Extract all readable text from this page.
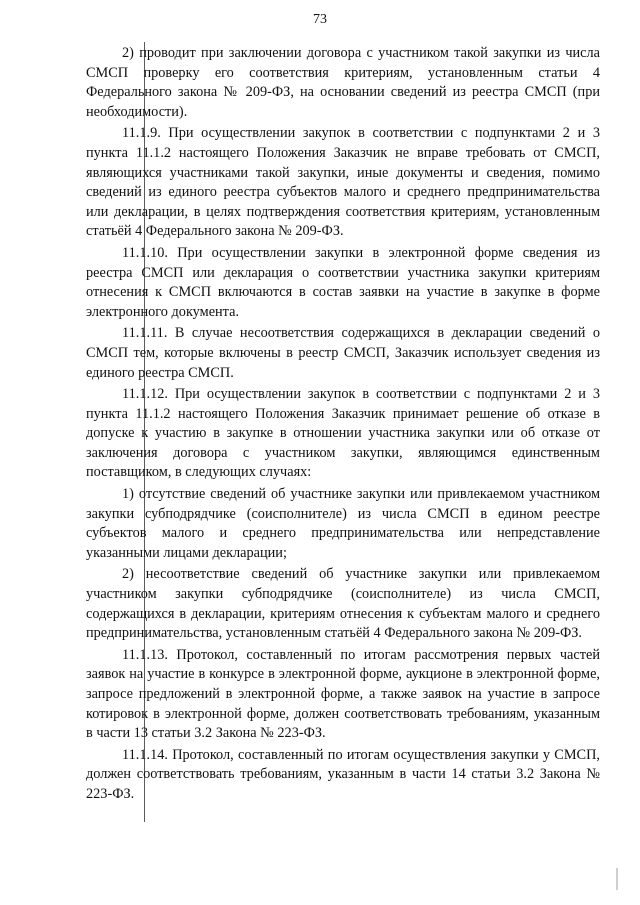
73

2) проводит при заключении договора с участником такой закупки из числа СМСП проверку его соответствия критериям, установленным статьи 4 Федерального закона № 209-ФЗ, на основании сведений из реестра СМСП (при необходимости).

11.1.9. При осуществлении закупок в соответствии с подпунктами 2 и 3 пункта 11.1.2 настоящего Положения Заказчик не вправе требовать от СМСП, являющихся участниками такой закупки, иные документы и сведения, помимо сведений из единого реестра субъектов малого и среднего предпринимательства или декларации, в целях подтверждения соответствия критериям, установленным статьёй 4 Федерального закона № 209-ФЗ.

11.1.10. При осуществлении закупки в электронной форме сведения из реестра СМСП или декларация о соответствии участника закупки критериям отнесения к СМСП включаются в состав заявки на участие в закупке в форме электронного документа.

11.1.11. В случае несоответствия содержащихся в декларации сведений о СМСП тем, которые включены в реестр СМСП, Заказчик использует сведения из единого реестра СМСП.

11.1.12. При осуществлении закупок в соответствии с подпунктами 2 и 3 пункта 11.1.2 настоящего Положения Заказчик принимает решение об отказе в допуске к участию в закупке в отношении участника закупки или об отказе от заключения договора с участником закупки, являющимся единственным поставщиком, в следующих случаях:

1) отсутствие сведений об участнике закупки или привлекаемом участником закупки субподрядчике (соисполнителе) из числа СМСП в едином реестре субъектов малого и среднего предпринимательства или непредставление указанными лицами декларации;

2) несоответствие сведений об участнике закупки или привлекаемом участником закупки субподрядчике (соисполнителе) из числа СМСП, содержащихся в декларации, критериям отнесения к субъектам малого и среднего предпринимательства, установленным статьёй 4 Федерального закона № 209-ФЗ.

11.1.13. Протокол, составленный по итогам рассмотрения первых частей заявок на участие в конкурсе в электронной форме, аукционе в электронной форме, запросе предложений в электронной форме, а также заявок на участие в запросе котировок в электронной форме, должен соответствовать требованиям, указанным в части 13 статьи 3.2 Закона № 223-ФЗ.

11.1.14. Протокол, составленный по итогам осуществления закупки у СМСП, должен соответствовать требованиям, указанным в части 14 статьи 3.2 Закона № 223-ФЗ.
